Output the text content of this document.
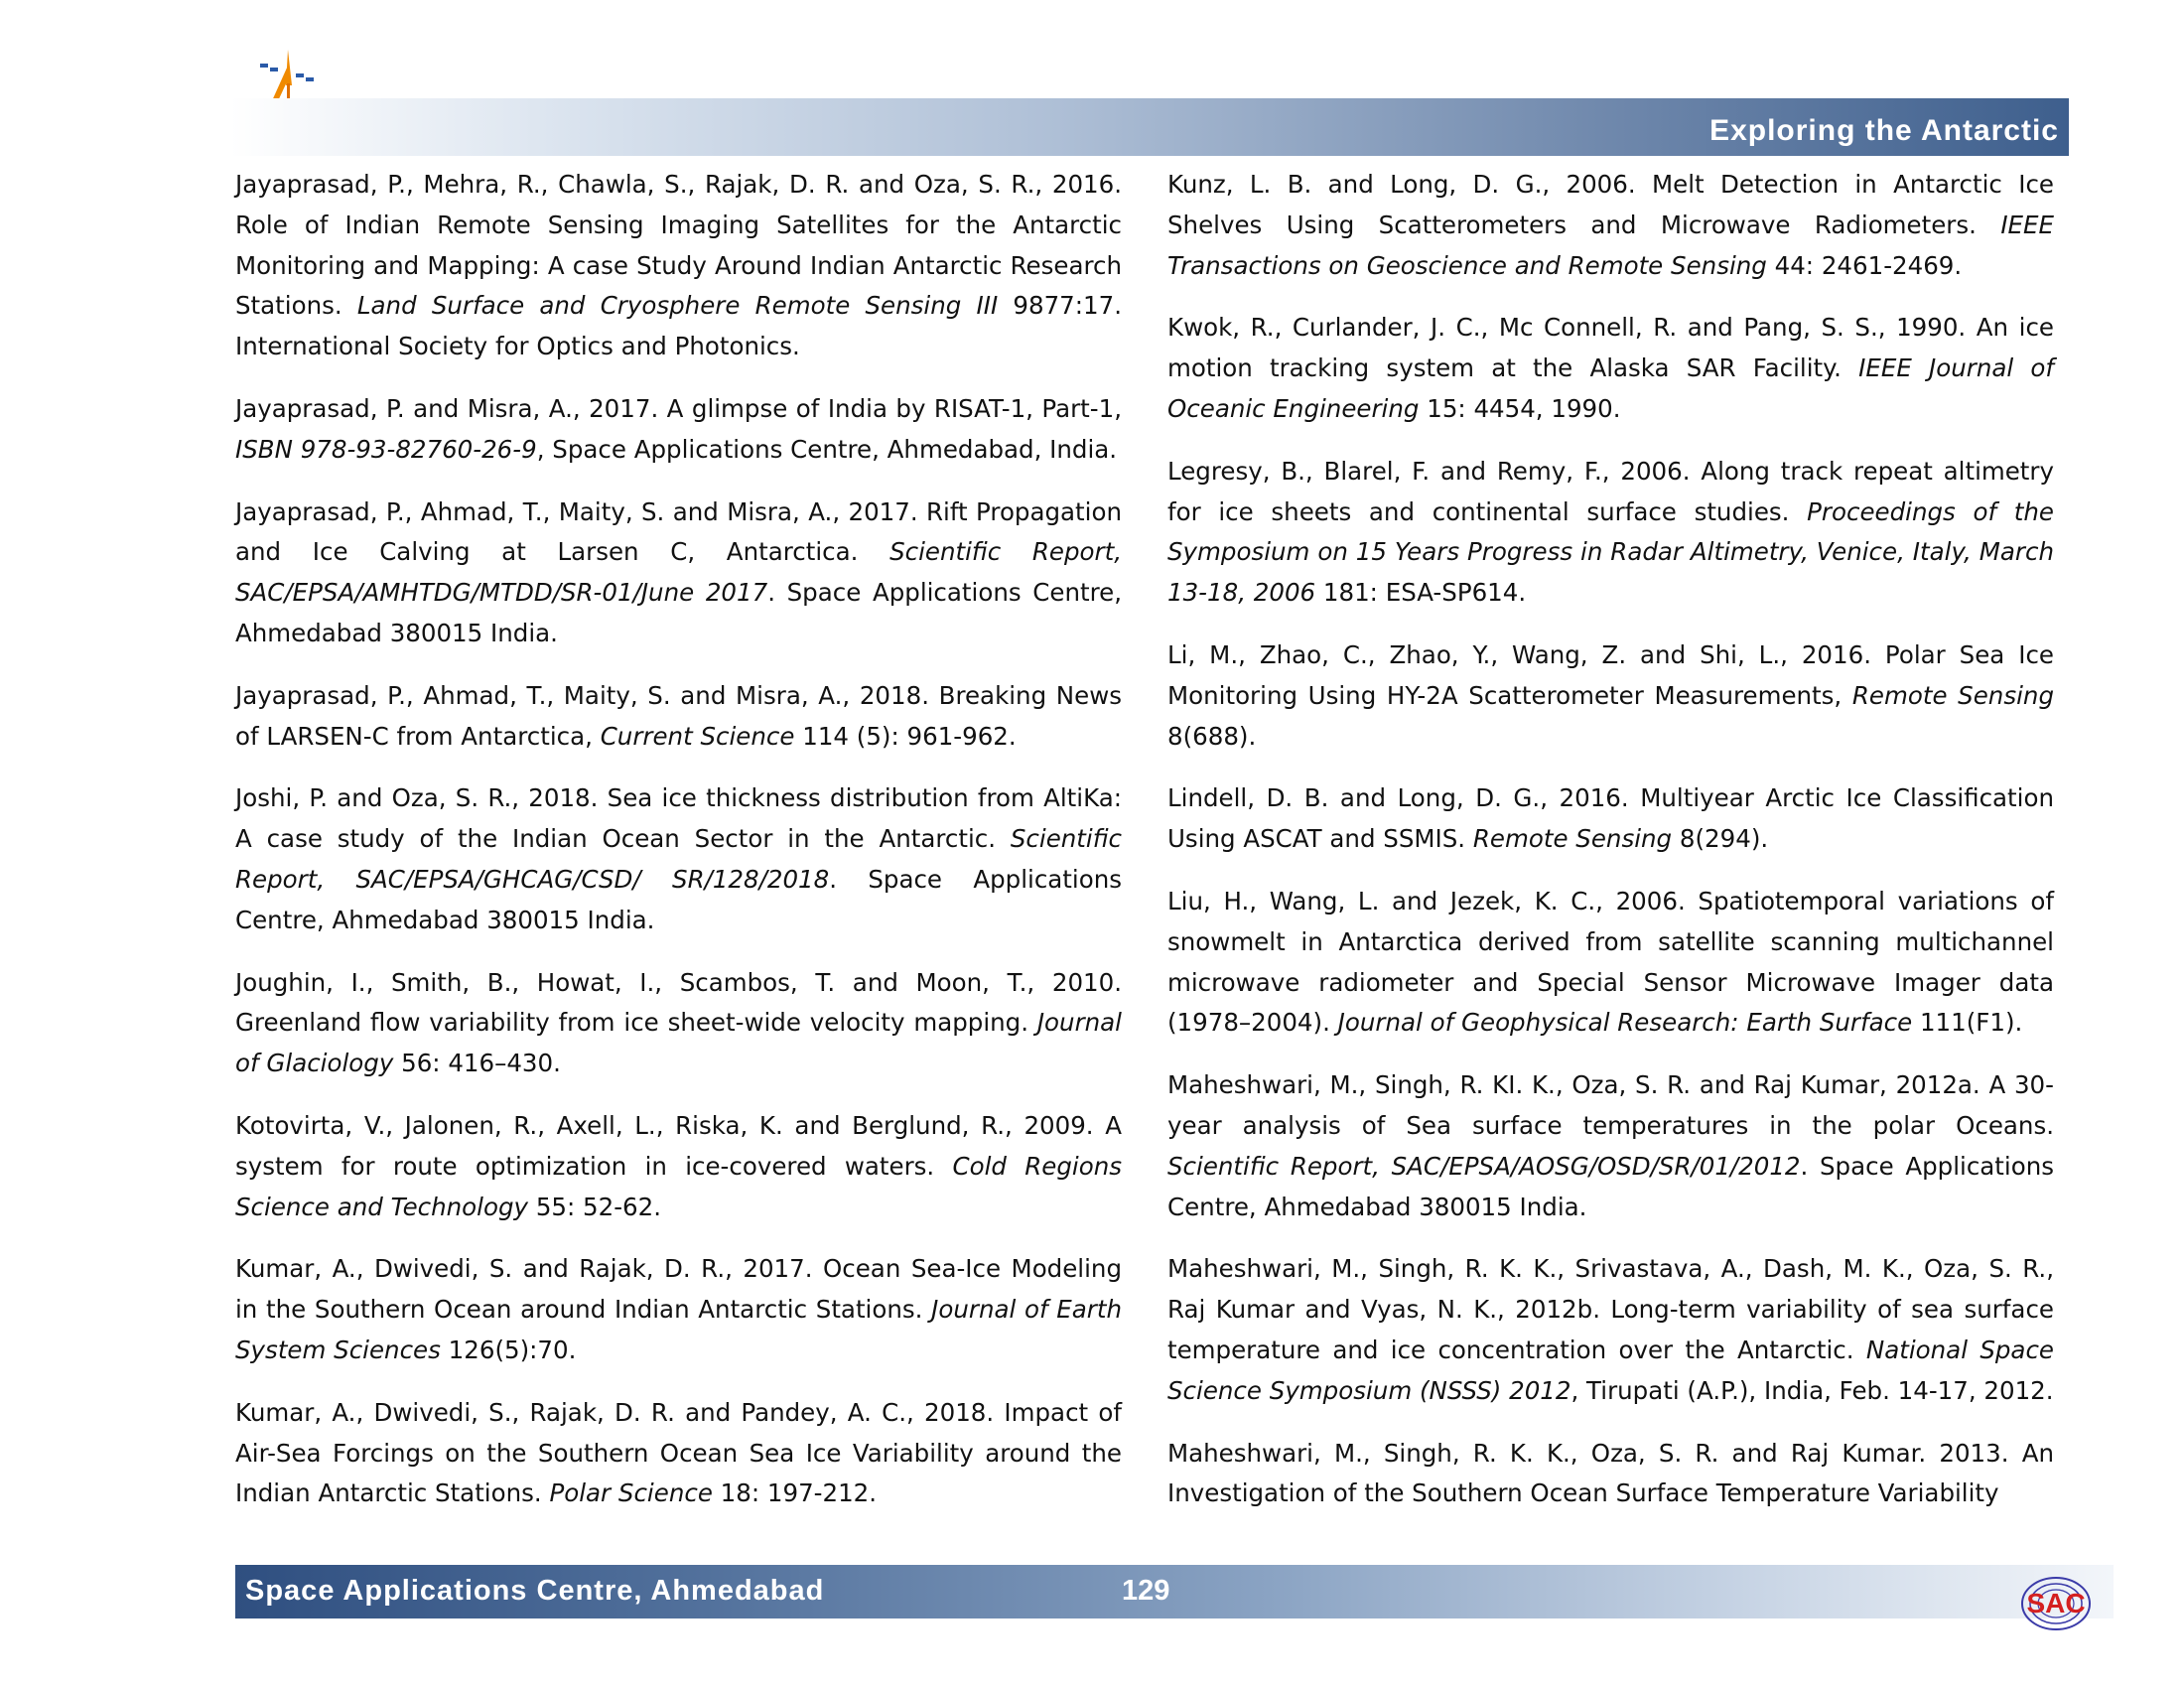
Exploring the Antarctic

Jayaprasad, P., Mehra, R., Chawla, S., Rajak, D. R. and Oza, S. R., 2016. Role of Indian Remote Sensing Imaging Satellites for the Antarctic Monitoring and Mapping: A case Study Around Indian Antarctic Research Stations. Land Surface and Cryosphere Remote Sensing III 9877:17. International Society for Optics and Photonics.

Jayaprasad, P. and Misra, A., 2017. A glimpse of India by RISAT-1, Part-1, ISBN 978-93-82760-26-9, Space Applications Centre, Ahmedabad, India.

Jayaprasad, P., Ahmad, T., Maity, S. and Misra, A., 2017. Rift Propagation and Ice Calving at Larsen C, Antarctica. Scientific Report, SAC/EPSA/AMHTDG/MTDD/SR-01/June 2017. Space Applications Centre, Ahmedabad 380015 India.

Jayaprasad, P., Ahmad, T., Maity, S. and Misra, A., 2018. Breaking News of LARSEN-C from Antarctica, Current Science 114 (5): 961-962.

Joshi, P. and Oza, S. R., 2018. Sea ice thickness distribution from AltiKa: A case study of the Indian Ocean Sector in the Antarctic. Scientific Report, SAC/EPSA/GHCAG/CSD/ SR/128/2018. Space Applications Centre, Ahmedabad 380015 India.

Joughin, I., Smith, B., Howat, I., Scambos, T. and Moon, T., 2010. Greenland flow variability from ice sheet-wide velocity mapping. Journal of Glaciology 56: 416–430.

Kotovirta, V., Jalonen, R., Axell, L., Riska, K. and Berglund, R., 2009. A system for route optimization in ice-covered waters. Cold Regions Science and Technology 55: 52-62.

Kumar, A., Dwivedi, S. and Rajak, D. R., 2017. Ocean Sea-Ice Modeling in the Southern Ocean around Indian Antarctic Stations. Journal of Earth System Sciences 126(5):70.

Kumar, A., Dwivedi, S., Rajak, D. R. and Pandey, A. C., 2018. Impact of Air-Sea Forcings on the Southern Ocean Sea Ice Variability around the Indian Antarctic Stations. Polar Science 18: 197-212.

Kunz, L. B. and Long, D. G., 2006. Melt Detection in Antarctic Ice Shelves Using Scatterometers and Microwave Radiometers. IEEE Transactions on Geoscience and Remote Sensing 44: 2461-2469.

Kwok, R., Curlander, J. C., Mc Connell, R. and Pang, S. S., 1990. An ice motion tracking system at the Alaska SAR Facility. IEEE Journal of Oceanic Engineering 15: 4454, 1990.

Legresy, B., Blarel, F. and Remy, F., 2006. Along track repeat altimetry for ice sheets and continental surface studies. Proceedings of the Symposium on 15 Years Progress in Radar Altimetry, Venice, Italy, March 13-18, 2006 181: ESA-SP614.

Li, M., Zhao, C., Zhao, Y., Wang, Z. and Shi, L., 2016. Polar Sea Ice Monitoring Using HY-2A Scatterometer Measurements, Remote Sensing 8(688).

Lindell, D. B. and Long, D. G., 2016. Multiyear Arctic Ice Classification Using ASCAT and SSMIS. Remote Sensing 8(294).

Liu, H., Wang, L. and Jezek, K. C., 2006. Spatiotemporal variations of snowmelt in Antarctica derived from satellite scanning multichannel microwave radiometer and Special Sensor Microwave Imager data (1978–2004). Journal of Geophysical Research: Earth Surface 111(F1).

Maheshwari, M., Singh, R. KI. K., Oza, S. R. and Raj Kumar, 2012a. A 30-year analysis of Sea surface temperatures in the polar Oceans. Scientific Report, SAC/EPSA/AOSG/OSD/SR/01/2012. Space Applications Centre, Ahmedabad 380015 India.

Maheshwari, M., Singh, R. K. K., Srivastava, A., Dash, M. K., Oza, S. R., Raj Kumar and Vyas, N. K., 2012b. Long-term variability of sea surface temperature and ice concentration over the Antarctic. National Space Science Symposium (NSSS) 2012, Tirupati (A.P.), India, Feb. 14-17, 2012.

Maheshwari, M., Singh, R. K. K., Oza, S. R. and Raj Kumar. 2013. An Investigation of the Southern Ocean Surface Temperature Variability

Space Applications Centre, Ahmedabad	129	SAC
